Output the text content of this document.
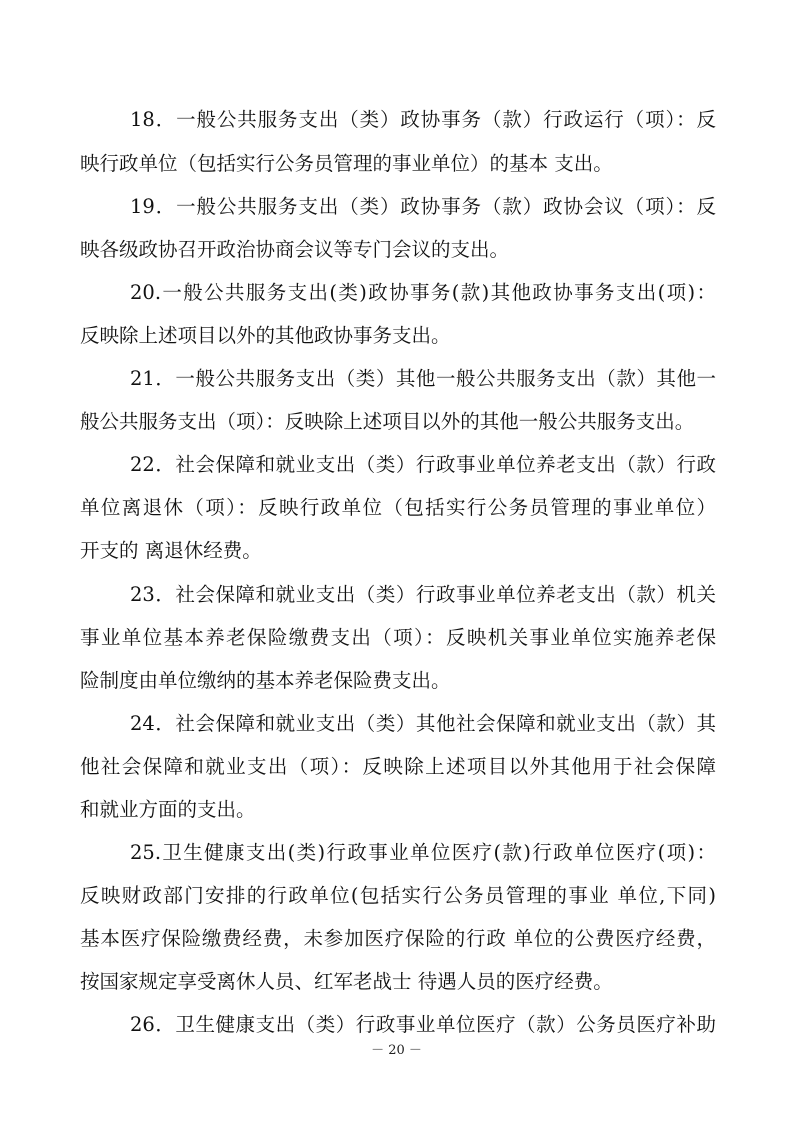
18．一般公共服务支出（类）政协事务（款）行政运行（项）：反
映行政单位（包括实行公务员管理的事业单位）的基本 支出。
19．一般公共服务支出（类）政协事务（款）政协会议（项）：反
映各级政协召开政治协商会议等专门会议的支出。
20.一般公共服务支出(类)政协事务(款)其他政协事务支出(项)：
反映除上述项目以外的其他政协事务支出。
21．一般公共服务支出（类）其他一般公共服务支出（款）其他一
般公共服务支出（项）：反映除上述项目以外的其他一般公共服务支出。
22．社会保障和就业支出（类）行政事业单位养老支出（款）行政
单位离退休（项）：反映行政单位（包括实行公务员管理的事业单位）
开支的 离退休经费。
23．社会保障和就业支出（类）行政事业单位养老支出（款）机关
事业单位基本养老保险缴费支出（项）：反映机关事业单位实施养老保
险制度由单位缴纳的基本养老保险费支出。
24．社会保障和就业支出（类）其他社会保障和就业支出（款）其
他社会保障和就业支出（项）：反映除上述项目以外其他用于社会保障
和就业方面的支出。
25.卫生健康支出(类)行政事业单位医疗(款)行政单位医疗(项)：
反映财政部门安排的行政单位(包括实行公务员管理的事业 单位,下同)
基本医疗保险缴费经费，未参加医疗保险的行政 单位的公费医疗经费，
按国家规定享受离休人员、红军老战士 待遇人员的医疗经费。
26．卫生健康支出（类）行政事业单位医疗（款）公务员医疗补助
－ 20 －
